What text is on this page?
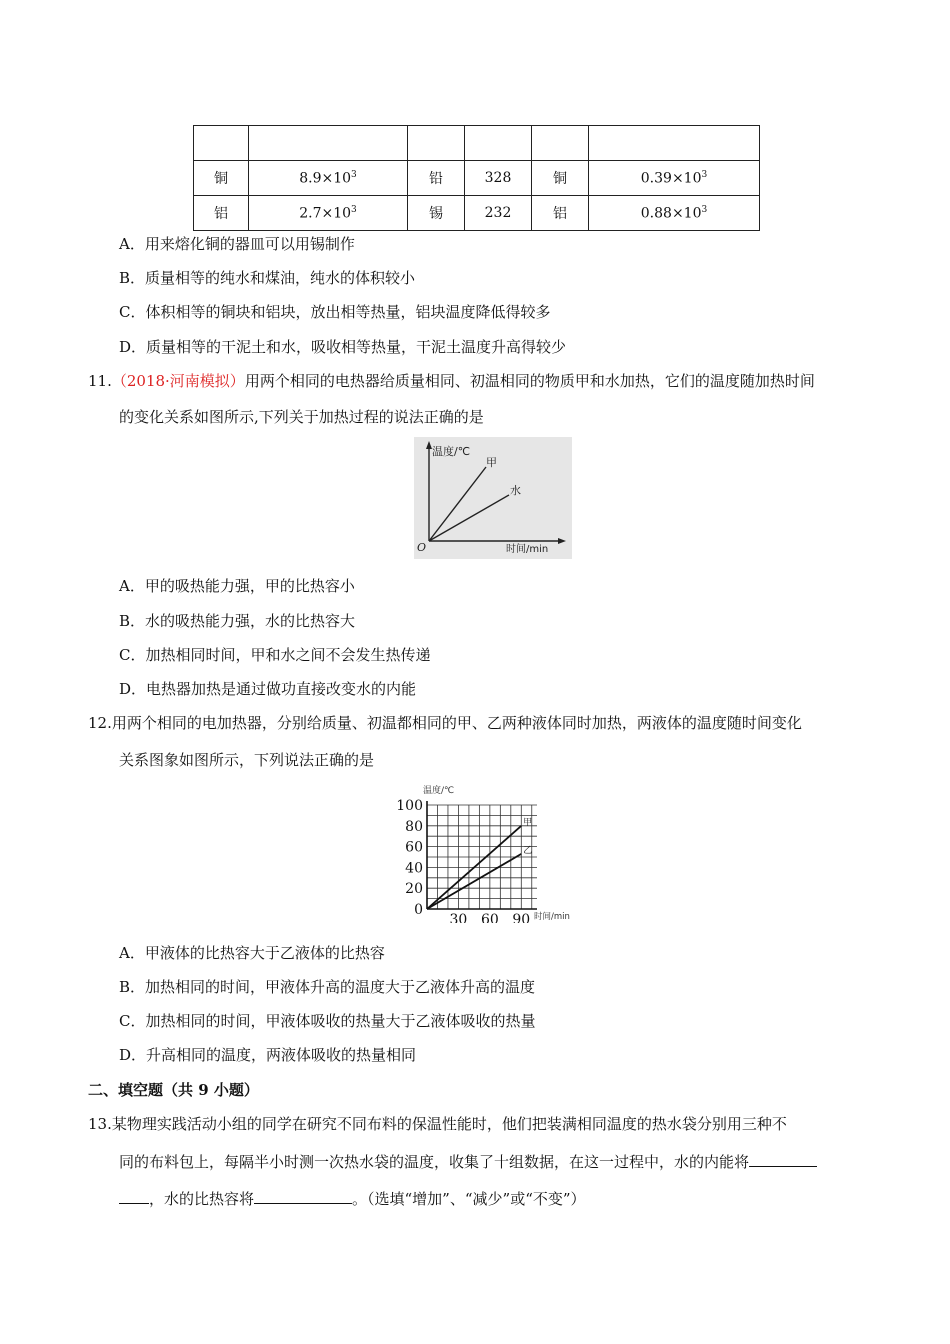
铜	$8.9\times 10^3$	铅	328	铜	$0.39\times 10^3$
铝	$2.7\times 10^3$	锡	232	铝	$0.88\times 10^3$
A．用来熔化铜的器皿可以用锡制作
B．质量相等的纯水和煤油，纯水的体积较小
C．体积相等的铜块和铝块，放出相等热量，铝块温度降低得较多
D．质量相等的干泥土和水，吸收相等热量，干泥土温度升高得较少
11.（2018·河南模拟）用两个相同的电热器给质量相同、初温相同的物质甲和水加热，它们的温度随加热时间
的变化关系如图所示,下列关于加热过程的说法正确的是
温度/℃
甲
水
O	时间/min
A．甲的吸热能力强，甲的比热容小
B．水的吸热能力强，水的比热容大
C．加热相同时间，甲和水之间不会发生热传递
D．电热器加热是通过做功直接改变水的内能
12.用两个相同的电加热器，分别给质量、初温都相同的甲、乙两种液体同时加热，两液体的温度随时间变化
关系图象如图所示，下列说法正确的是
0
20
40
60
80
100
30 60 90
甲
乙
温度/℃
时间/min
A．甲液体的比热容大于乙液体的比热容
B．加热相同的时间，甲液体升高的温度大于乙液体升高的温度
C．加热相同的时间，甲液体吸收的热量大于乙液体吸收的热量
D．升高相同的温度，两液体吸收的热量相同
二、填空题（共 9 小题）
13.某物理实践活动小组的同学在研究不同布料的保温性能时，他们把装满相同温度的热水袋分别用三种不
同的布料包上，每隔半小时测一次热水袋的温度，收集了十组数据，在这一过程中，水的内能将
，水的比热容将	。（选填“增加”、“减少”或“不变”）
